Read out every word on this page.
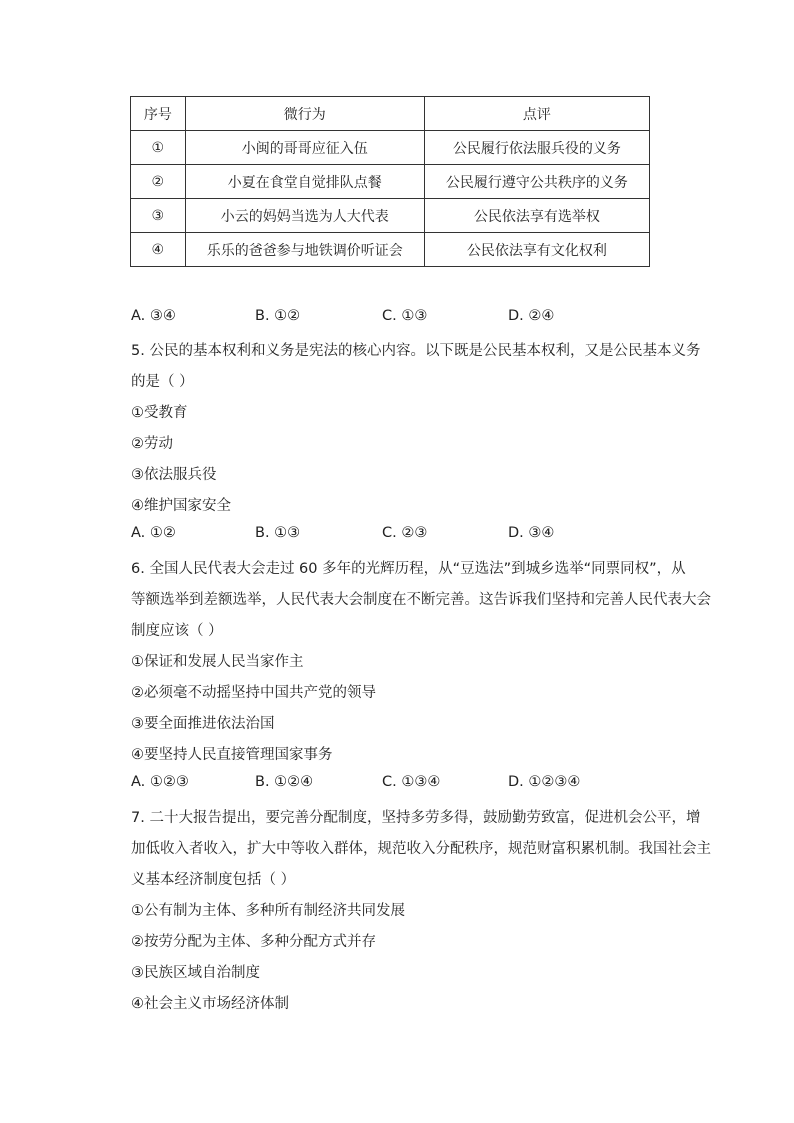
序号	微行为	点评
①	小闽的哥哥应征入伍	公民履行依法服兵役的义务
②	小夏在食堂自觉排队点餐	公民履行遵守公共秩序的义务
③	小云的妈妈当选为人大代表	公民依法享有选举权
④	乐乐的爸爸参与地铁调价听证会	公民依法享有文化权利
A. ③④	B. ①②	C. ①③	D. ②④
5. 公民的基本权利和义务是宪法的核心内容。以下既是公民基本权利，又是公民基本义务
的是（ ）
①受教育
②劳动
③依法服兵役
④维护国家安全
A. ①②	B. ①③	C. ②③	D. ③④
6. 全国人民代表大会走过 60 多年的光辉历程，从“豆选法”到城乡选举“同票同权”，从
等额选举到差额选举，人民代表大会制度在不断完善。这告诉我们坚持和完善人民代表大会
制度应该（ ）
①保证和发展人民当家作主
②必须毫不动摇坚持中国共产党的领导
③要全面推进依法治国
④要坚持人民直接管理国家事务
A. ①②③	B. ①②④	C. ①③④	D. ①②③④
7. 二十大报告提出，要完善分配制度，坚持多劳多得，鼓励勤劳致富，促进机会公平，增
加低收入者收入，扩大中等收入群体，规范收入分配秩序，规范财富积累机制。我国社会主
义基本经济制度包括（ ）
①公有制为主体、多种所有制经济共同发展
②按劳分配为主体、多种分配方式并存
③民族区域自治制度
④社会主义市场经济体制
